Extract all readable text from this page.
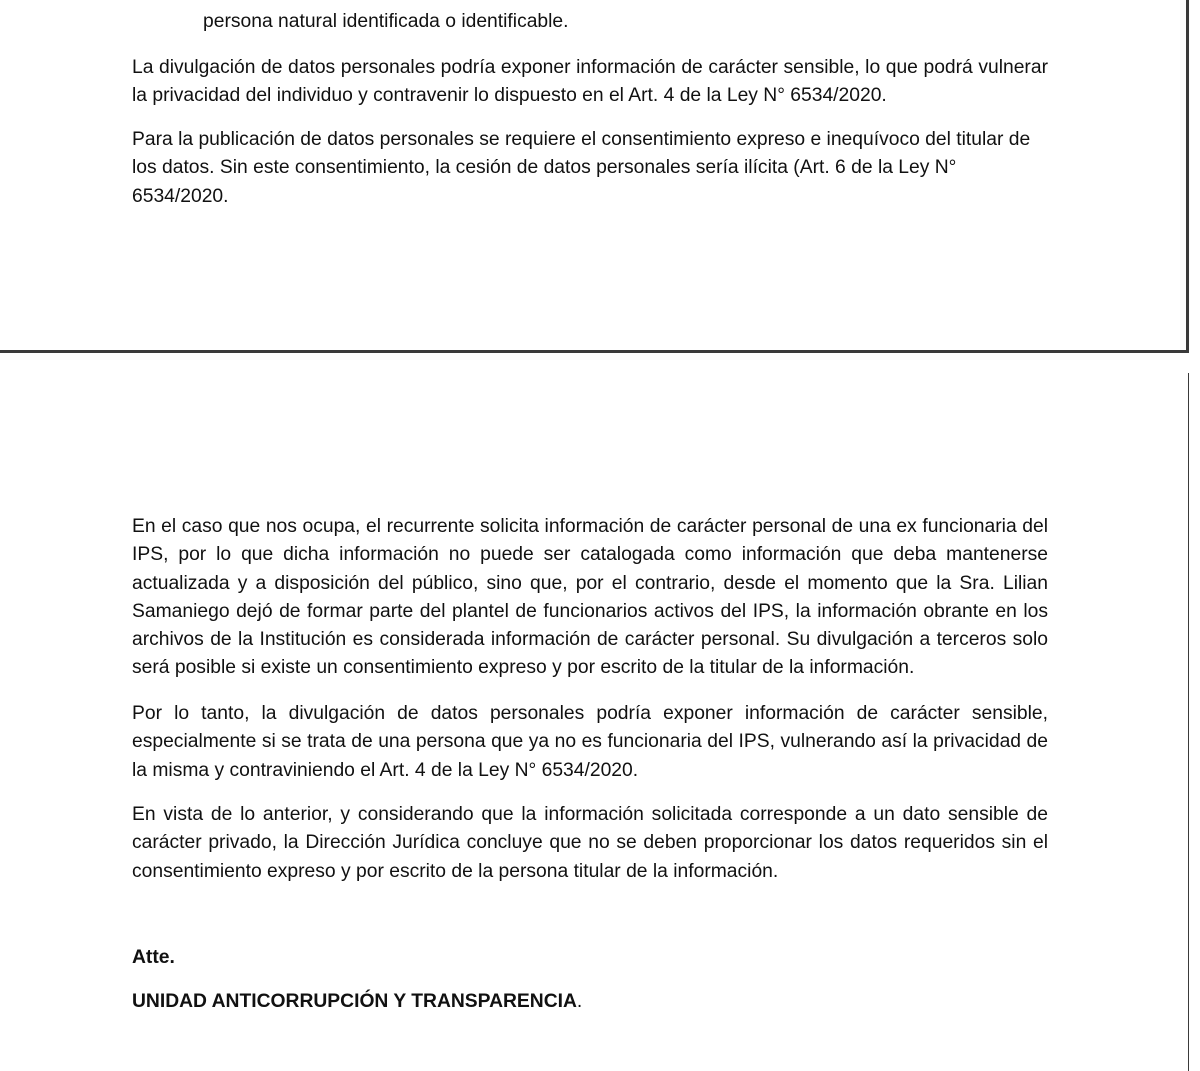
persona natural identificada o identificable.

La divulgación de datos personales podría exponer información de carácter sensible, lo que podrá vulnerar la privacidad del individuo y contravenir lo dispuesto en el Art. 4 de la Ley N° 6534/2020.

Para la publicación de datos personales se requiere el consentimiento expreso e inequívoco del titular de los datos. Sin este consentimiento, la cesión de datos personales sería ilícita (Art. 6 de la Ley N° 6534/2020.

En el caso que nos ocupa, el recurrente solicita información de carácter personal de una ex funcionaria del IPS, por lo que dicha información no puede ser catalogada como información que deba mantenerse actualizada y a disposición del público, sino que, por el contrario, desde el momento que la Sra. Lilian Samaniego dejó de formar parte del plantel de funcionarios activos del IPS, la información obrante en los archivos de la Institución es considerada información de carácter personal. Su divulgación a terceros solo será posible si existe un consentimiento expreso y por escrito de la titular de la información.

Por lo tanto, la divulgación de datos personales podría exponer información de carácter sensible, especialmente si se trata de una persona que ya no es funcionaria del IPS, vulnerando así la privacidad de la misma y contraviniendo el Art. 4 de la Ley N° 6534/2020.

En vista de lo anterior, y considerando que la información solicitada corresponde a un dato sensible de carácter privado, la Dirección Jurídica concluye que no se deben proporcionar los datos requeridos sin el consentimiento expreso y por escrito de la persona titular de la información.

Atte.

UNIDAD ANTICORRUPCIÓN Y TRANSPARENCIA.
